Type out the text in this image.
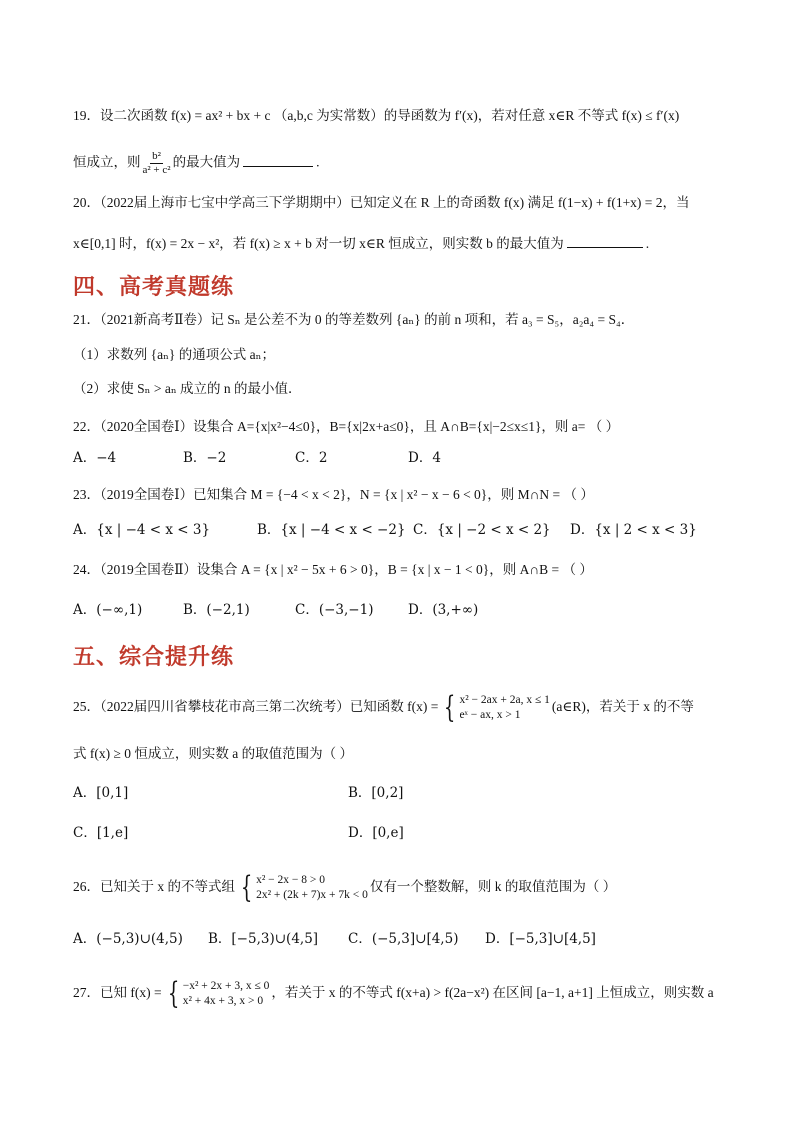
19．设二次函数 f(x) = ax² + bx + c （a,b,c 为实常数）的导函数为 f′(x)，若对任意 x∈R 不等式 f(x) ≤ f′(x)
恒成立，则 $\frac{\text{b²}}{\text{a² + c²}}$ 的最大值为	.
20．（2022届上海市七宝中学高三下学期期中）已知定义在 R 上的奇函数 f(x) 满足 f(1−x) + f(1+x) = 2，当
x∈[0,1] 时，f(x) = 2x − x²，若 f(x) ≥ x + b 对一切 x∈R 恒成立，则实数 b 的最大值为	.
四、高考真题练
21．（2021新高考Ⅱ卷）记 Sₙ 是公差不为 0 的等差数列 {aₙ} 的前 n 项和，若 a₃ = S₅，a₂a₄ = S₄．
（1）求数列 {aₙ} 的通项公式 aₙ；
（2）求使 Sₙ > aₙ 成立的 n 的最小值．
22．（2020全国卷Ⅰ）设集合 A={x|x²−4≤0}，B={x|2x+a≤0}，且 A∩B={x|−2≤x≤1}，则 a= （ ）
A．−4	B．−2	C．2	D．4
23．（2019全国卷Ⅰ）已知集合 M = {−4 < x < 2}，N = {x | x² − x − 6 < 0}，则 M∩N = （ ）
A．{x | −4 < x < 3}	B．{x | −4 < x < −2} C．{x | −2 < x < 2} D．{x | 2 < x < 3}
24．（2019全国卷Ⅱ）设集合 A = {x | x² − 5x + 6 > 0}，B = {x | x − 1 < 0}，则 A∩B = （ ）
A．(−∞,1)	B．(−2,1)	C．(−3,−1)	D．(3,+∞)
五、综合提升练
25．（2022届四川省攀枝花市高三第二次统考）已知函数 f(x) = { x² − 2ax + 2a, x ≤ 1
eˣ − ax, x > 1
(a∈R)，若关于 x 的不等
式 f(x) ≥ 0 恒成立，则实数 a 的取值范围为（ ）
A．[0,1]	B．[0,2]
C．[1,e]	D．[0,e]
26．已知关于 x 的不等式组 { x² − 2x − 8 > 0
2x² + (2k + 7)x + 7k < 0
仅有一个整数解，则 k 的取值范围为（ ）
A．(−5,3)∪(4,5) B．[−5,3)∪(4,5] C．(−5,3]∪[4,5) D．[−5,3]∪[4,5]
27．已知 f(x) = { −x² + 2x + 3, x ≤ 0
x² + 4x + 3, x > 0
，若关于 x 的不等式 f(x+a) > f(2a−x²) 在区间 [a−1, a+1] 上恒成立，则实数 a
